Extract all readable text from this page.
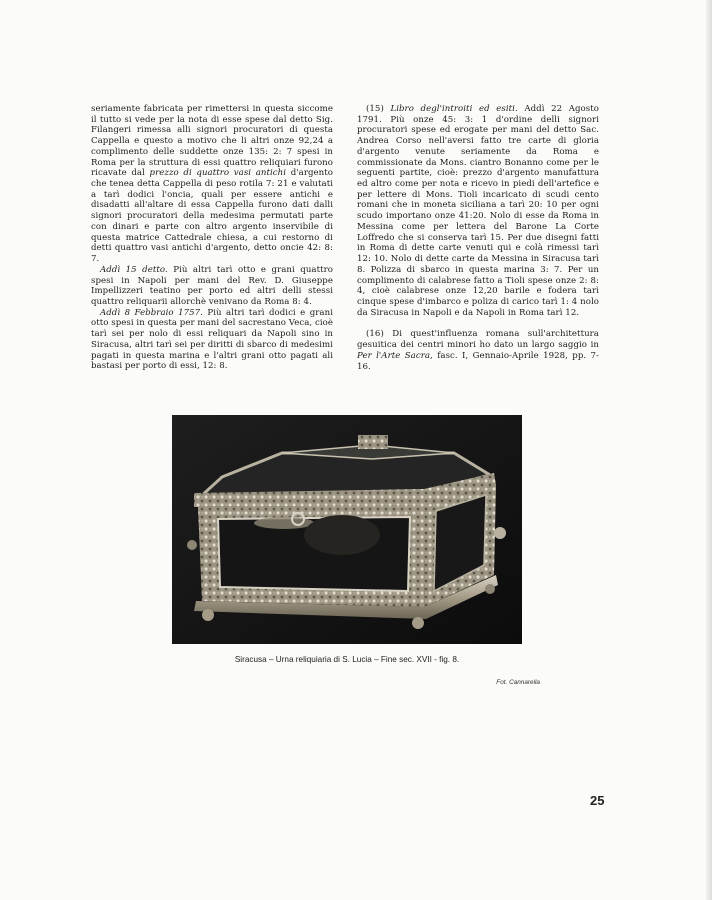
seriamente fabricata per rimettersi in questa siccome il tutto si vede per la nota di esse spese dal detto Sig. Filangeri rimessa alli signori procuratori di questa Cappella e questo a motivo che li altri onze 92,24 a complimento delle suddette onze 135: 2: 7 spesi in Roma per la struttura di essi quattro reliquiari furono ricavate dal prezzo di quattro vasi antichi d'argento che tenea detta Cappella di peso rotila 7: 21 e valutati a tarì dodici l'oncia, quali per essere antichi e disadatti all'altare di essa Cappella furono dati dalli signori procuratori della medesima permutati parte con dinari e parte con altro argento inservibile di questa matrice Cattedrale chiesa, a cui restorno di detti quattro vasi antichi d'argento, detto oncie 42: 8: 7.

Addì 15 detto. Più altri tarì otto e grani quattro spesi in Napoli per mani del Rev. D. Giuseppe Impellizzeri teatino per porto ed altri delli stessi quattro reliquarii allorchè venivano da Roma 8: 4.

Addì 8 Febbraio 1757. Più altri tarì dodici e grani otto spesi in questa per mani del sacrestano Veca, cioè tarì sei per nolo di essi reliquari da Napoli sino in Siracusa, altri tarì sei per diritti di sbarco di medesimi pagati in questa marina e l'altri grani otto pagati ali bastasi per porto di essi, 12: 8.

(15) Libro degl'introiti ed esiti. Addì 22 Agosto 1791. Più onze 45: 3: 1 d'ordine delli signori procuratori spese ed erogate per mani del detto Sac. Andrea Corso nell'aversi fatto tre carte di gloria d'argento venute seriamente da Roma e commissionate da Mons. ciantro Bonanno come per le seguenti partite, cioè: prezzo d'argento manufattura ed altro come per nota e ricevo in piedi dell'artefice e per lettere di Mons. Tioli incaricato di scudi cento romani che in moneta siciliana a tarì 20: 10 per ogni scudo importano onze 41:20. Nolo di esse da Roma in Messina come per lettera del Barone La Corte Loffredo che si conserva tarì 15. Per due disegni fatti in Roma di dette carte venuti qui e colà rimessi tarì 12: 10. Nolo di dette carte da Messina in Siracusa tarì 8. Polizza di sbarco in questa marina 3: 7. Per un complimento di calabrese fatto a Tioli spese onze 2: 8: 4, cioè calabrese onze 12,20 barile e fodera tarì cinque spese d'imbarco e poliza di carico tarì 1: 4 nolo da Siracusa in Napoli e da Napoli in Roma tarì 12.

(16) Di quest'influenza romana sull'architettura gesuitica dei centri minori ho dato un largo saggio in Per l'Arte Sacra, fasc. I, Gennaio-Aprile 1928, pp. 7-16.

Siracusa – Urna reliquiaria di S. Lucia – Fine sec. XVII - fig. 8.
Fot. Cannarella
25
